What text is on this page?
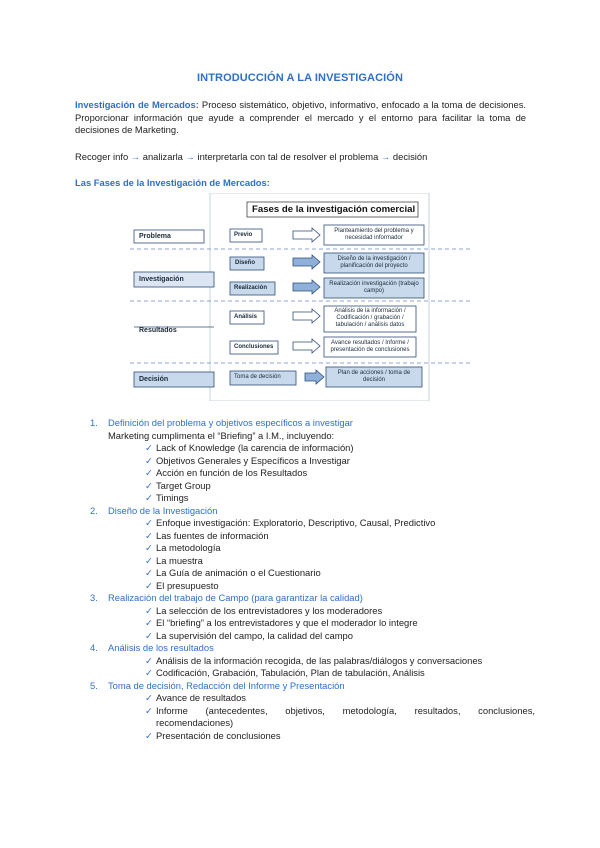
INTRODUCCIÓN A LA INVESTIGACIÓN
Investigación de Mercados: Proceso sistemático, objetivo, informativo, enfocado a la toma de decisiones. Proporcionar información que ayude a comprender el mercado y el entorno para facilitar la toma de decisiones de Marketing.
Recoger info → analizarla → interpretarla con tal de resolver el problema → decisión
Las Fases de la Investigación de Mercados:
Fases de la investigación comercial
Problema
Investigación
Resultados
Decisión
Previo
Diseño
Realización
Análisis
Conclusiones
Toma de decisión
Planteamiento del problema y necesidad informador
Diseño de la investigación / planificación del proyecto
Realización investigación (trabajo campo)
Análisis de la información / Codificación / grabación / tabulación / análisis datos
Avance resultados / Informe / presentación de conclusiones
Plan de acciones / toma de decisión
1. Definición del problema y objetivos específicos a investigar
Marketing cumplimenta el “Briefing” a I.M., incluyendo:
✓ Lack of Knowledge (la carencia de información)
✓ Objetivos Generales y Específicos a Investigar
✓ Acción en función de los Resultados
✓ Target Group
✓ Timings
2. Diseño de la Investigación
✓ Enfoque investigación: Exploratorio, Descriptivo, Causal, Predictivo
✓ Las fuentes de información
✓ La metodología
✓ La muestra
✓ La Guía de animación o el Cuestionario
✓ El presupuesto
3. Realización del trabajo de Campo (para garantizar la calidad)
✓ La selección de los entrevistadores y los moderadores
✓ El “briefing” a los entrevistadores y que el moderador lo integre
✓ La supervisión del campo, la calidad del campo
4. Análisis de los resultados
✓ Análisis de la información recogida, de las palabras/diálogos y conversaciones
✓ Codificación, Grabación, Tabulación, Plan de tabulación, Análisis
5. Toma de decisión, Redacción del Informe y Presentación
✓ Avance de resultados
✓ Informe (antecedentes, objetivos, metodología, resultados, conclusiones, recomendaciones)
✓ Presentación de conclusiones
